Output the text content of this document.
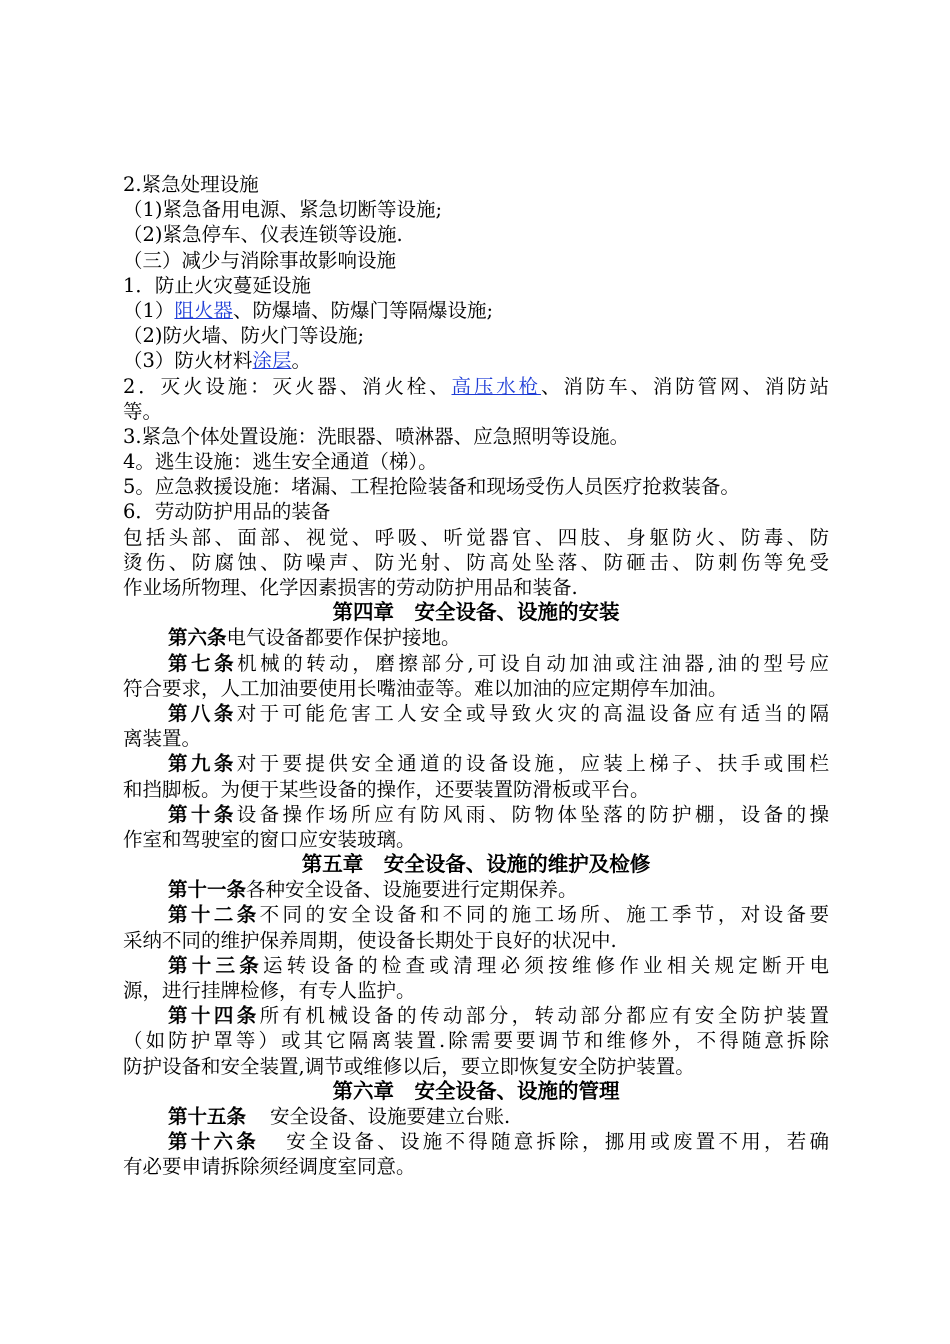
2.紧急处理设施
（1)紧急备用电源、紧急切断等设施;
（2)紧急停车、仪表连锁等设施.
（三）减少与消除事故影响设施
1．防止火灾蔓延设施
（1）阻火器、防爆墙、防爆门等隔爆设施;
（2)防火墙、防火门等设施;
（3）防火材料涂层。
2．灭火设施：灭火器、消火栓、高压水枪、消防车、消防管网、消防站
等。
3.紧急个体处置设施：洗眼器、喷淋器、应急照明等设施。
4。逃生设施：逃生安全通道（梯）。
5。应急救援设施：堵漏、工程抢险装备和现场受伤人员医疗抢救装备。
6．劳动防护用品的装备
包括头部、面部、视觉、呼吸、听觉器官、四肢、身躯防火、防毒、防
烫伤、防腐蚀、防噪声、防光射、防高处坠落、防砸击、防刺伤等免受
作业场所物理、化学因素损害的劳动防护用品和装备.
第四章　安全设备、设施的安装
第六条电气设备都要作保护接地。
第七条机械的转动，磨擦部分,可设自动加油或注油器,油的型号应
符合要求，人工加油要使用长嘴油壶等。难以加油的应定期停车加油。
第八条对于可能危害工人安全或导致火灾的高温设备应有适当的隔
离装置。
第九条对于要提供安全通道的设备设施，应装上梯子、扶手或围栏
和挡脚板。为便于某些设备的操作，还要装置防滑板或平台。
第十条设备操作场所应有防风雨、防物体坠落的防护棚，设备的操
作室和驾驶室的窗口应安装玻璃。
第五章　安全设备、设施的维护及检修
第十一条各种安全设备、设施要进行定期保养。
第十二条不同的安全设备和不同的施工场所、施工季节，对设备要
采纳不同的维护保养周期，使设备长期处于良好的状况中.
第十三条运转设备的检查或清理必须按维修作业相关规定断开电
源，进行挂牌检修，有专人监护。
第十四条所有机械设备的传动部分，转动部分都应有安全防护装置
（如防护罩等）或其它隔离装置.除需要要调节和维修外，不得随意拆除
防护设备和安全装置,调节或维修以后，要立即恢复安全防护装置。
第六章　安全设备、设施的管理
第十五条 安全设备、设施要建立台账.
第十六条 安全设备、设施不得随意拆除，挪用或废置不用，若确
有必要申请拆除须经调度室同意。
